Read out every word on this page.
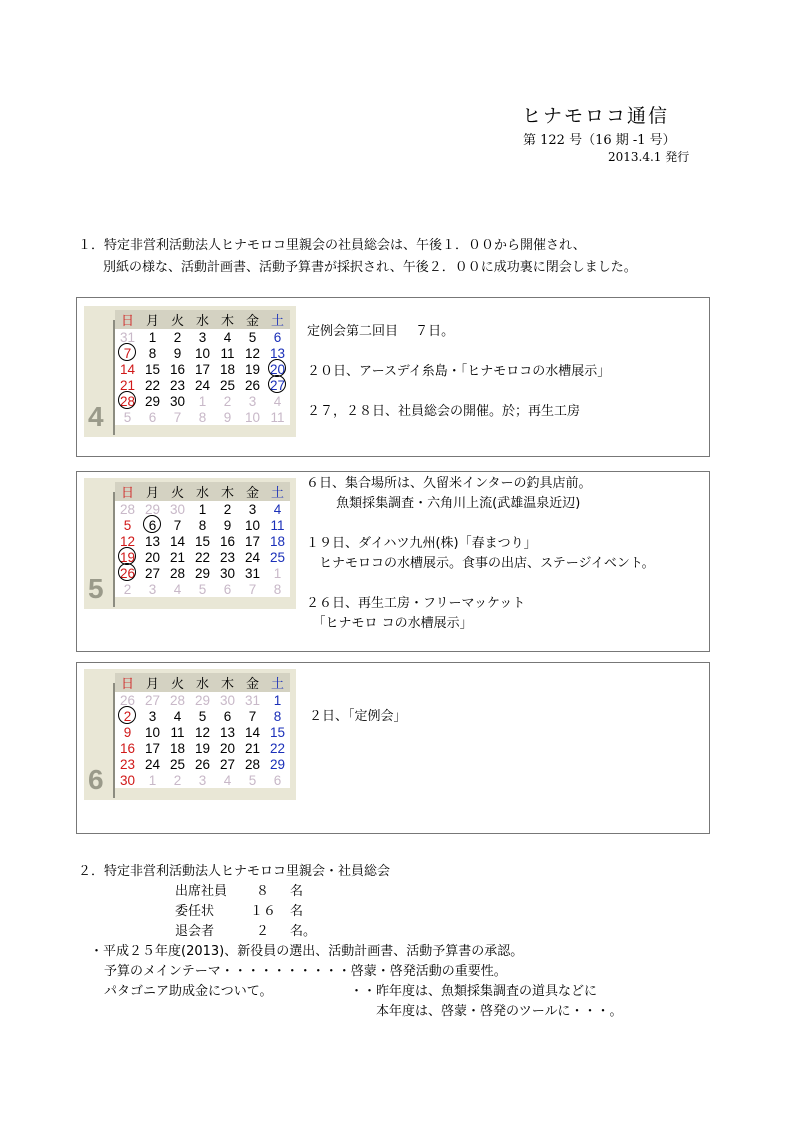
ヒナモロコ通信
第 122 号（16 期 -1 号）
2013.4.1 発行
１．特定非営利活動法人ヒナモロコ里親会の社員総会は、午後１．００から開催され、
別紙の様な、活動計画書、活動予算書が採択され、午後２．００に成功裏に閉会しました。
4
日	月	火	水	木	金	土
31	1	2	3	4	5	6
7	8	9	10	11	12	13
14	15	16	17	18	19	20

21	22	23	24	25	26	27

28	29	30	1	2	3	4
5	6	7	8	9	10	11
定例会第二回目　 ７日。

２０日、アースデイ糸島・｢ヒナモロコの水槽展示｣

２７，２８日、社員総会の開催。於；再生工房
5
日	月	火	水	木	金	土
28	29	30	1	2	3	4
5	6	7	8	9	10	11
12	13	14	15	16	17	18
19	20	21	22	23	24	25
26	27	28	29	30	31	1
2	3	4	5	6	7	8
６日、集合場所は、久留米インターの釣具店前。
　　 魚類採集調査・六角川上流(武雄温泉近辺)

１９日、ダイハツ九州(株)「春まつり」
　ヒナモロコの水槽展示。食事の出店、ステージイベント。

２６日、再生工房・フリーマッケット
　｢ヒナモロ コの水槽展示｣
6
日	月	火	水	木	金	土
26	27	28	29	30	31	1
2	3	4	5	6	7	8
9	10	11	12	13	14	15
16	17	18	19	20	21	22
23	24	25	26	27	28	29
30	1	2	3	4	5	6
２日、｢定例会｣
２．特定非営利活動法人ヒナモロコ里親会・社員総会
出席社員 ８ 名
委任状	１６ 名
退会者	２ 名。
・平成２５年度(2013)、新役員の選出、活動計画書、活動予算書の承認。
予算のメインテーマ・・・・・・・・・・啓蒙・啓発活動の重要性。
パタゴニア助成金について。	・・昨年度は、魚類採集調査の道具などに
本年度は、啓蒙・啓発のツールに・・・。
